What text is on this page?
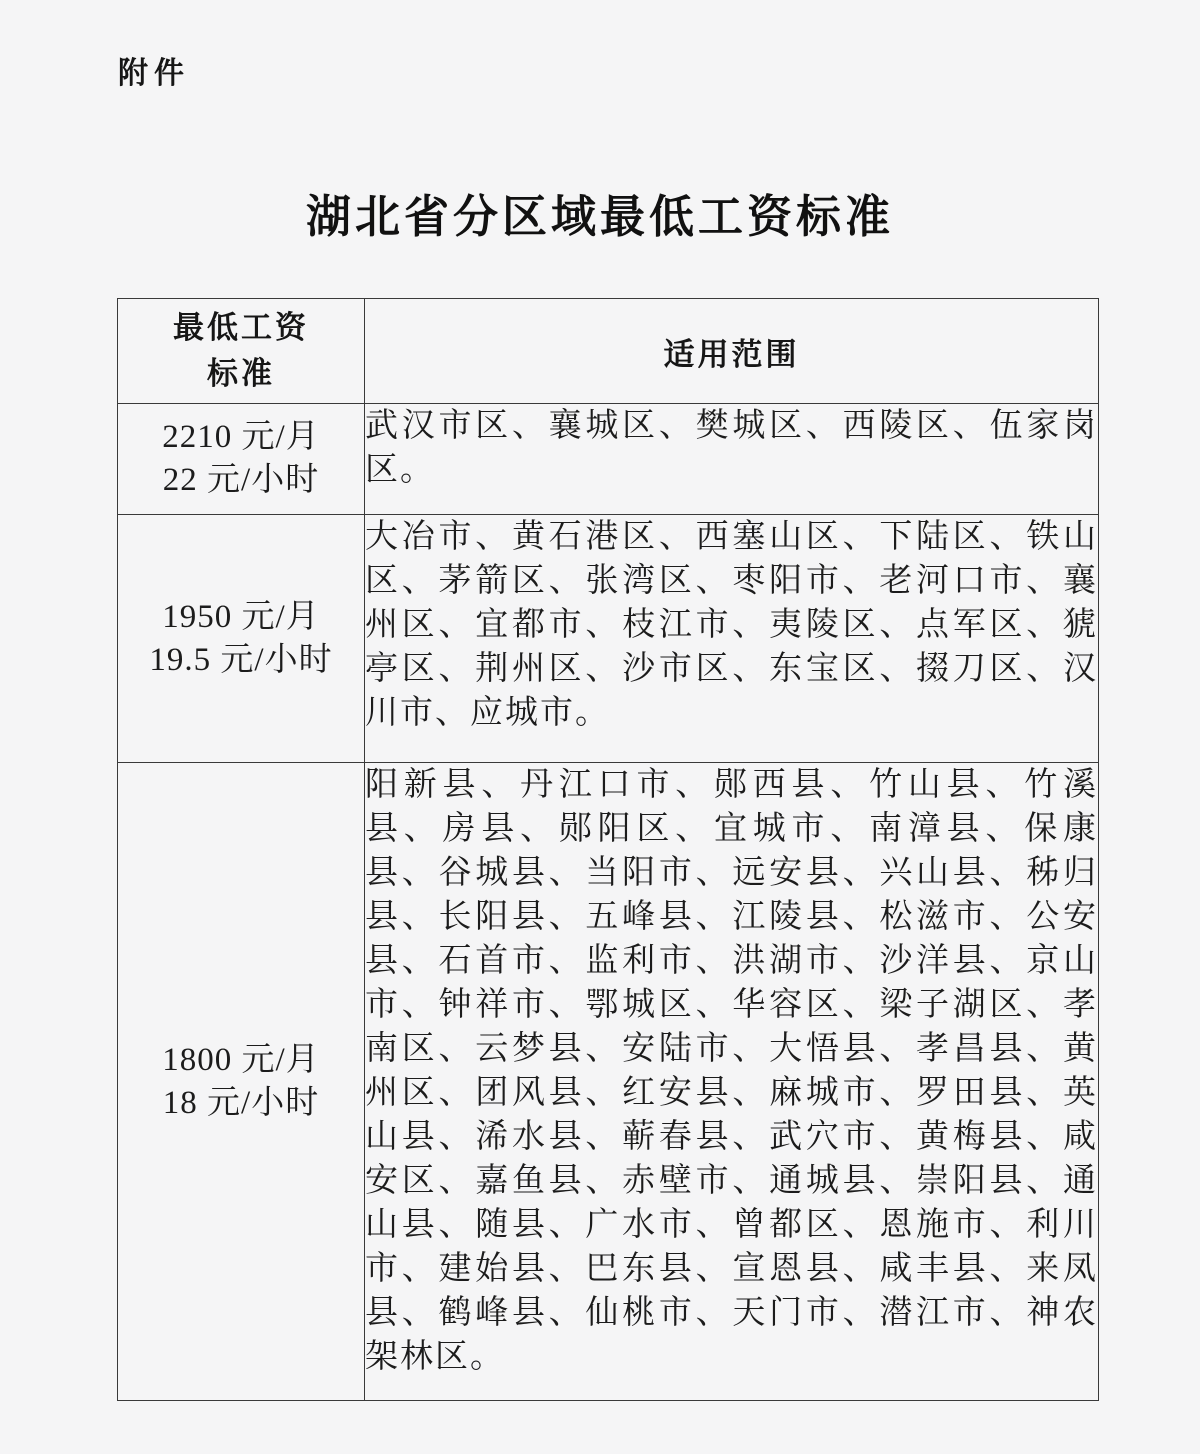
附件
湖北省分区域最低工资标准
最低工资标准	适用范围

2210 元/月
22 元/小时	武汉市区、襄城区、樊城区、西陵区、伍家岗区。

1950 元/月
19.5 元/小时	大冶市、黄石港区、西塞山区、下陆区、铁山区、茅箭区、张湾区、枣阳市、老河口市、襄州区、宜都市、枝江市、夷陵区、点军区、猇亭区、荆州区、沙市区、东宝区、掇刀区、汉川市、应城市。

1800 元/月
18 元/小时	阳新县、丹江口市、郧西县、竹山县、竹溪县、房县、郧阳区、宜城市、南漳县、保康县、谷城县、当阳市、远安县、兴山县、秭归县、长阳县、五峰县、江陵县、松滋市、公安县、石首市、监利市、洪湖市、沙洋县、京山市、钟祥市、鄂城区、华容区、梁子湖区、孝南区、云梦县、安陆市、大悟县、孝昌县、黄州区、团风县、红安县、麻城市、罗田县、英山县、浠水县、蕲春县、武穴市、黄梅县、咸安区、嘉鱼县、赤壁市、通城县、崇阳县、通山县、随县、广水市、曾都区、恩施市、利川市、建始县、巴东县、宣恩县、咸丰县、来凤县、鹤峰县、仙桃市、天门市、潜江市、神农架林区。
